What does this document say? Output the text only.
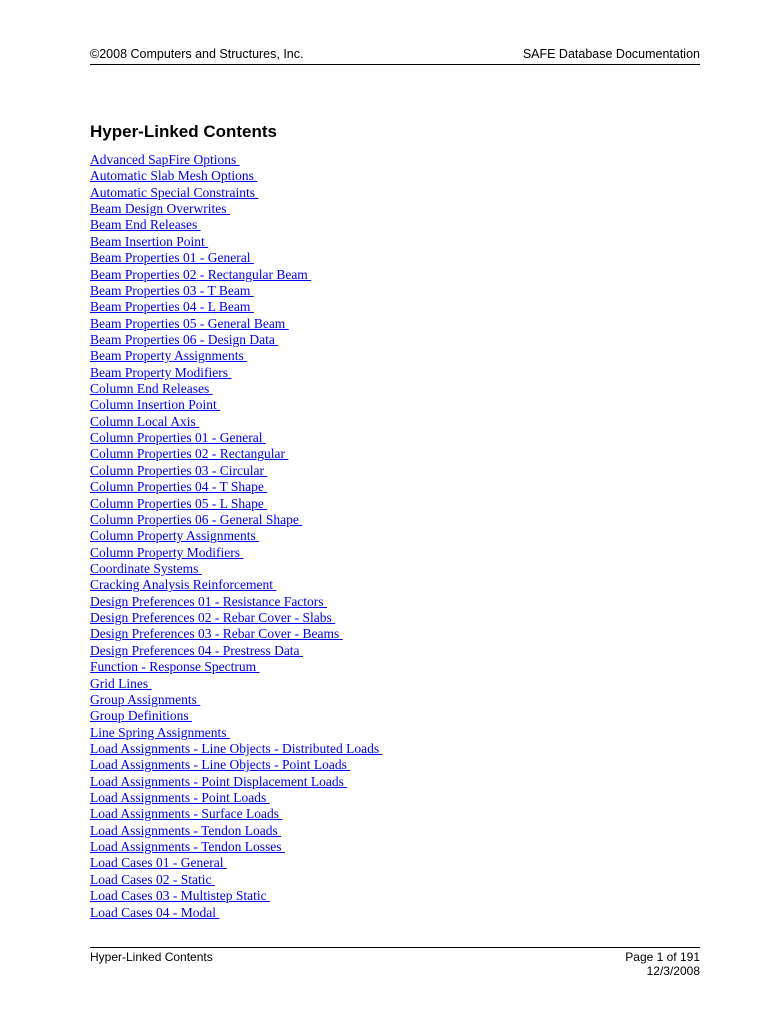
©2008 Computers and Structures, Inc.	SAFE Database Documentation
Hyper-Linked Contents
Advanced SapFire Options
Automatic Slab Mesh Options
Automatic Special Constraints
Beam Design Overwrites
Beam End Releases
Beam Insertion Point
Beam Properties 01 - General
Beam Properties 02 - Rectangular Beam
Beam Properties 03 - T Beam
Beam Properties 04 - L Beam
Beam Properties 05 - General Beam
Beam Properties 06 - Design Data
Beam Property Assignments
Beam Property Modifiers
Column End Releases
Column Insertion Point
Column Local Axis
Column Properties 01 - General
Column Properties 02 - Rectangular
Column Properties 03 - Circular
Column Properties 04 - T Shape
Column Properties 05 - L Shape
Column Properties 06 - General Shape
Column Property Assignments
Column Property Modifiers
Coordinate Systems
Cracking Analysis Reinforcement
Design Preferences 01 - Resistance Factors
Design Preferences 02 - Rebar Cover - Slabs
Design Preferences 03 - Rebar Cover - Beams
Design Preferences 04 - Prestress Data
Function - Response Spectrum
Grid Lines
Group Assignments
Group Definitions
Line Spring Assignments
Load Assignments - Line Objects - Distributed Loads
Load Assignments - Line Objects - Point Loads
Load Assignments - Point Displacement Loads
Load Assignments - Point Loads
Load Assignments - Surface Loads
Load Assignments - Tendon Loads
Load Assignments - Tendon Losses
Load Cases 01 - General
Load Cases 02 - Static
Load Cases 03 - Multistep Static
Load Cases 04 - Modal
Hyper-Linked Contents	Page 1 of 191
12/3/2008
